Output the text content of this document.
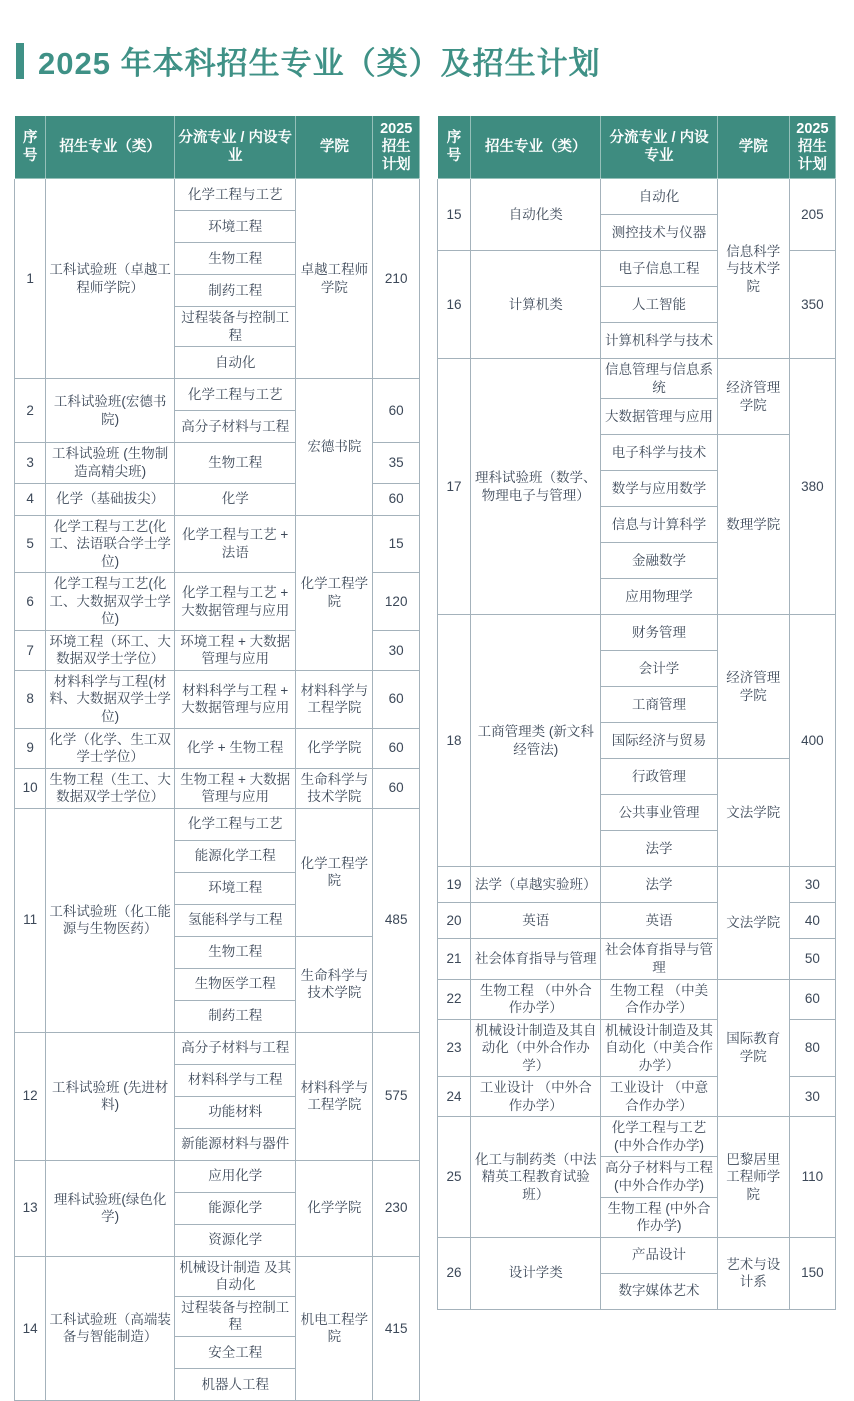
2025 年本科招生专业（类）及招生计划
序号	招生专业（类）	分流专业 / 内设专业	学院	2025招生计划
1	工科试验班（卓越工程师学院）	化学工程与工艺	卓越工程师学院	210
		环境工程		
		生物工程		
		制药工程		
		过程装备与控制工程		
		自动化		
2	工科试验班(宏德书院)	化学工程与工艺	宏德书院	60
		高分子材料与工程		
3	工科试验班 (生物制造高精尖班)	生物工程		35
4	化学（基础拔尖）	化学		60
5	化学工程与工艺(化工、法语联合学士学位)	化学工程与工艺 + 法语	化学工程学院	15
6	化学工程与工艺(化工、大数据双学士学位)	化学工程与工艺 + 大数据管理与应用		120
7	环境工程（环工、大数据双学士学位）	环境工程 + 大数据管理与应用		30
8	材料科学与工程(材料、大数据双学士学位)	材料科学与工程 + 大数据管理与应用	材料科学与工程学院	60
9	化学（化学、生工双学士学位）	化学 + 生物工程	化学学院	60
10	生物工程（生工、大数据双学士学位）	生物工程 + 大数据管理与应用	生命科学与技术学院	60
11	工科试验班（化工能源与生物医药）	化学工程与工艺	化学工程学院	485
		能源化学工程		
		环境工程		
		氢能科学与工程		
		生物工程	生命科学与技术学院	
		生物医学工程		
		制药工程		
12	工科试验班 (先进材料)	高分子材料与工程	材料科学与工程学院	575
		材料科学与工程		
		功能材料		
		新能源材料与器件		
13	理科试验班(绿色化学)	应用化学	化学学院	230
		能源化学		
		资源化学		
14	工科试验班（高端装备与智能制造）	机械设计制造 及其自动化	机电工程学院	415
		过程装备与控制工程		
		安全工程		
		机器人工程		
序号	招生专业（类）	分流专业 / 内设专业	学院	2025招生计划
15	自动化类	自动化	信息科学与技术学院	205
		测控技术与仪器		
16	计算机类	电子信息工程		350
		人工智能		
		计算机科学与技术		
17	理科试验班（数学、物理电子与管理）	信息管理与信息系统	经济管理学院	380
		大数据管理与应用		
		电子科学与技术	数理学院	
		数学与应用数学		
		信息与计算科学		
		金融数学		
		应用物理学		
18	工商管理类 (新文科经管法)	财务管理	经济管理学院	400
		会计学		
		工商管理		
		国际经济与贸易		
		行政管理	文法学院	
		公共事业管理		
		法学		
19	法学（卓越实验班）	法学	文法学院	30
20	英语	英语		40
21	社会体育指导与管理	社会体育指导与管理		50
22	生物工程 （中外合作办学）	生物工程 （中美合作办学）	国际教育学院	60
23	机械设计制造及其自动化（中外合作办学）	机械设计制造及其自动化（中美合作办学）		80
24	工业设计 （中外合作办学）	工业设计 （中意合作办学）		30
25	化工与制药类（中法精英工程教育试验班）	化学工程与工艺 (中外合作办学)	巴黎居里工程师学院	110
		高分子材料与工程 (中外合作办学)		
		生物工程 (中外合作办学)		
26	设计学类	产品设计	艺术与设计系	150
		数字媒体艺术		
